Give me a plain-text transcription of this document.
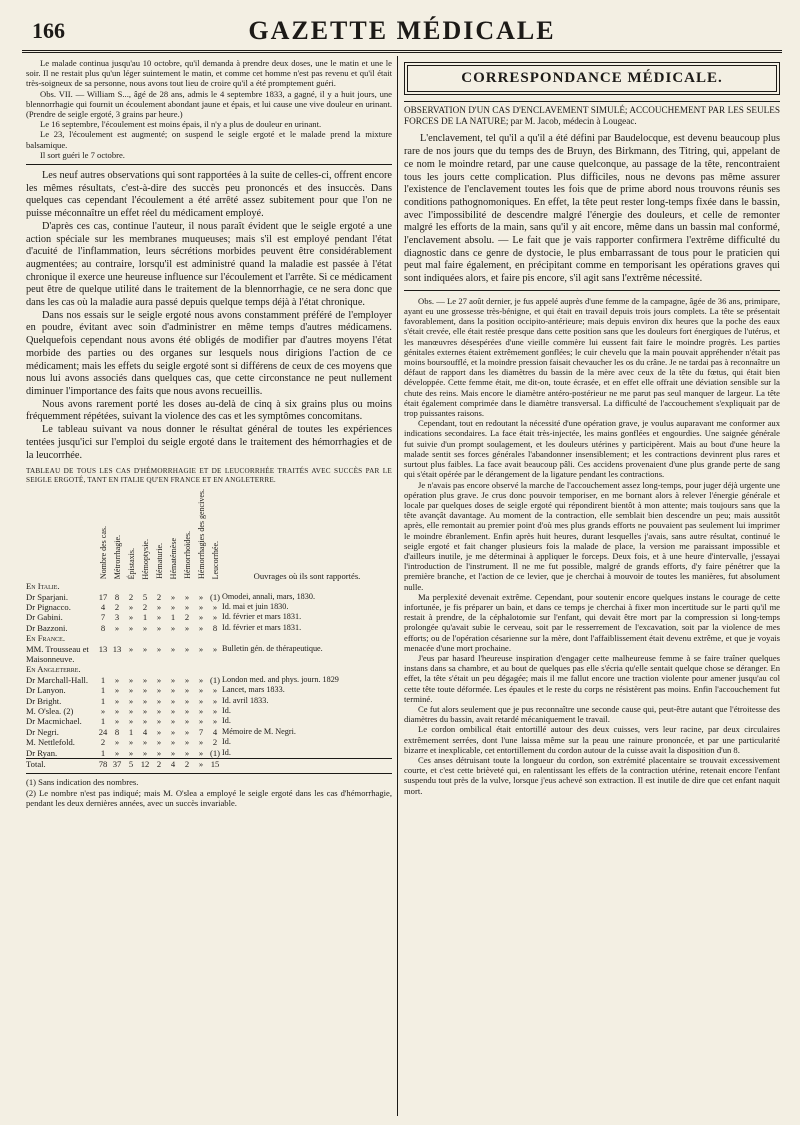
166	GAZETTE MÉDICALE

Le malade continua jusqu'au 10 octobre, qu'il demanda à prendre deux doses, une le matin et une le soir. Il ne restait plus qu'un léger suintement le matin, et comme cet homme n'est pas revenu et qu'il était très-soigneux de sa personne, nous avons tout lieu de croire qu'il a été promptement guéri.

Obs. VII. — William S..., âgé de 28 ans, admis le 4 septembre 1833, a gagné, il y a huit jours, une blennorrhagie qui fournit un écoulement abondant jaune et épais, et lui cause une vive douleur en urinant. (Prendre de seigle ergoté, 3 grains par heure.)

Le 16 septembre, l'écoulement est moins épais, il n'y a plus de douleur en urinant.

Le 23, l'écoulement est augmenté; on suspend le seigle ergoté et le malade prend la mixture balsamique.

Il sort guéri le 7 octobre.

Les neuf autres observations qui sont rapportées à la suite de celles-ci, offrent encore les mêmes résultats, c'est-à-dire des succès peu prononcés et des insuccès. Dans quelques cas cependant l'écoulement a été arrêté assez subitement pour que l'on ne puisse méconnaître un effet réel du médicament employé.

D'après ces cas, continue l'auteur, il nous paraît évident que le seigle ergoté a une action spéciale sur les membranes muqueuses; mais s'il est employé pendant l'état d'acuité de l'inflammation, leurs sécrétions morbides peuvent être considérablement augmentées; au contraire, lorsqu'il est administré quand la maladie est passée à l'état chronique il exerce une heureuse influence sur l'écoulement et l'arrête. Si ce médicament peut être de quelque utilité dans le traitement de la blennorrhagie, ce ne sera donc que dans les cas où la maladie aura passé depuis quelque temps déjà à l'état chronique.

Dans nos essais sur le seigle ergoté nous avons constamment préféré de l'employer en poudre, évitant avec soin d'administrer en même temps d'autres médicamens. Quelquefois cependant nous avons été obligés de modifier par d'autres moyens l'état morbide des parties ou des organes sur lesquels nous dirigions l'action de ce médicament; mais les effets du seigle ergoté sont si différens de ceux de ces moyens que nous lui avons associés dans quelques cas, que cette circonstance ne peut nullement diminuer l'importance des faits que nous avons recueillis.

Nous avons rarement porté les doses au-delà de cinq à six grains plus ou moins fréquemment répétées, suivant la violence des cas et les symptômes concomitans.

Le tableau suivant va nous donner le résultat général de toutes les expériences tentées jusqu'ici sur l'emploi du seigle ergoté dans le traitement des hémorrhagies et de la leucorrhée.

TABLEAU DE TOUS LES CAS D'HÉMORRHAGIE ET DE LEUCORRHÉE TRAITÉS AVEC SUCCÈS PAR LE SEIGLE ERGOTÉ, TANT EN ITALIE QU'EN FRANCE ET EN ANGLETERRE.
	Nombre des cas.	Métrorrhagie.	Épistaxis.	Hémoptysie.	Hématurie.	Hématémèse	Hémorrhoïdes.	Hémorrhagies des gencives.	Leucorrhée.	Ouvrages où ils sont rapportés.
En Italie.										
Dr Sparjani.	17	8	2	5	2	»	»	»	(1)	Omodei, annali, mars, 1830.
Dr Pignacco.	4	2	»	2	»	»	»	»	»	Id. mai et juin 1830.
Dr Gabini.	7	3	»	1	»	1	2	»	»	Id. février et mars 1831.
Dr Bazzoni.	8	»	»	»	»	»	»	»	8	Id. février et mars 1831.
En France.										
MM. Trousseau et Maisonneuve.	13	13	»	»	»	»	»	»	»	Bulletin gén. de thérapeutique.
En Angleterre.										
Dr Marchall-Hall.	1	»	»	»	»	»	»	»	(1)	London med. and phys. journ. 1829
Dr Lanyon.	1	»	»	»	»	»	»	»	»	Lancet, mars 1833.
Dr Bright.	1	»	»	»	»	»	»	»	»	Id. avril 1833.
M. O'slea. (2)	»	»	»	»	»	»	»	»	»	Id.
Dr Macmichael.	1	»	»	»	»	»	»	»	»	Id.
Dr Negri.	24	8	1	4	»	»	»	7	4	Mémoire de M. Negri.
M. Nettlefold.	2	»	»	»	»	»	»	»	2	Id.
Dr Ryan.	1	»	»	»	»	»	»	»	(1)	Id.
Total.	78	37	5	12	2	4	2	»	15	

(1) Sans indication des nombres.

(2) Le nombre n'est pas indiqué; mais M. O'slea a employé le seigle ergoté dans les cas d'hémorrhagie, pendant les deux dernières années, avec un succès invariable.

CORRESPONDANCE MÉDICALE.
OBSERVATION D'UN CAS D'ENCLAVEMENT SIMULÉ; ACCOUCHEMENT PAR LES SEULES FORCES DE LA NATURE; par M. Jacob, médecin à Lougeac.

L'enclavement, tel qu'il a qu'il a été défini par Baudelocque, est devenu beaucoup plus rare de nos jours que du temps des de Bruyn, des Birkmann, des Titring, qui, appelant de ce nom le moindre retard, par une cause quelconque, au passage de la tête, rencontraient tous les jours cette complication. Plus difficiles, nous ne devons pas même assurer l'existence de l'enclavement toutes les fois que de prime abord nous trouvons réunis ses conditions pathognomoniques. En effet, la tête peut rester long-temps fixée dans le bassin, avec l'impossibilité de descendre malgré l'énergie des douleurs, et celle de remonter malgré les efforts de la main, sans qu'il y ait encore, même dans un bassin mal conformé, l'enclavement absolu. — Le fait que je vais rapporter confirmera l'extrême difficulté du diagnostic dans ce genre de dystocie, le plus embarrassant de tous pour le praticien qui peut mal faire également, en précipitant comme en temporisant les opérations graves qui sont indiquées alors, et faire pis encore, s'il agit sans l'extrême nécessité.

Obs. — Le 27 août dernier, je fus appelé auprès d'une femme de la campagne, âgée de 36 ans, primipare, ayant eu une grossesse très-bénigne, et qui était en travail depuis trois jours complets. La tête se présentait favorablement, dans la position occipito-antérieure; mais depuis environ dix heures que la poche des eaux s'était crevée, elle était restée presque dans cette position sans que les douleurs fort énergiques de l'utérus, et les manœuvres désespérées d'une vieille commère lui eussent fait faire le moindre progrès. Les parties génitales externes étaient extrêmement gonflées; le cuir chevelu que la main pouvait appréhender n'était pas moins boursoufflé, et la moindre pression faisait chevaucher les os du crâne. Je ne tardai pas à reconnaître un défaut de rapport dans les diamètres du bassin de la mère avec ceux de la tête du fœtus, qui était bien développée. Cette femme était, me dit-on, toute écrasée, et en effet elle offrait une déviation sensible sur la chute des reins. Mais encore le diamètre antéro-postérieur ne me parut pas seul manquer de largeur. La tête était également comprimée dans le diamètre transversal. La difficulté de l'accouchement s'expliquait par de trop puissantes raisons.

Cependant, tout en redoutant la nécessité d'une opération grave, je voulus auparavant me conformer aux indications secondaires. La face était très-injectée, les mains gonflées et engourdies. Une saignée générale fut suivie d'un prompt soulagement, et les douleurs utérines y participèrent. Mais au bout d'une heure la malade sentit ses forces générales l'abandonner insensiblement; et les contractions devinrent plus rares et surtout plus faibles. La face avait beaucoup pâli. Ces accidens provenaient d'une plus grande perte de sang qui s'était opérée par le dérangement de la ligature pendant les contractions.

Je n'avais pas encore observé la marche de l'accouchement assez long-temps, pour juger déjà urgente une opération plus grave. Je crus donc pouvoir temporiser, en me bornant alors à relever l'énergie générale et locale par quelques doses de seigle ergoté qui répondirent bientôt à mon attente; mais toujours sans que la tête avançât davantage. Au moment de la contraction, elle semblait bien descendre un peu; mais aussitôt après, elle remontait au premier point d'où mes plus grands efforts ne pouvaient pas seulement lui imprimer le moindre ébranlement. Enfin après huit heures, durant lesquelles j'avais, sans autre résultat, continué le seigle ergoté et fait changer plusieurs fois la malade de place, la version me paraissant impossible et d'ailleurs inutile, je me déterminai à appliquer le forceps. Deux fois, et à une heure d'intervalle, j'essayai l'introduction de l'instrument. Il ne me fut possible, malgré de grands efforts, d'y faire pénétrer que la première branche, et l'action de ce levier, que je cherchai à mouvoir de toutes les manières, fut absolument nulle.

Ma perplexité devenait extrême. Cependant, pour soutenir encore quelques instans le courage de cette infortunée, je fis préparer un bain, et dans ce temps je cherchai à fixer mon incertitude sur le parti qu'il me restait à prendre, de la céphalotomie sur l'enfant, qui devait être mort par la compression si long-temps prolongée qu'avait subie le cerveau, soit par le resserrement de l'excavation, soit par la violence de mes efforts; ou de l'opération césarienne sur la mère, dont l'affaiblissement était devenu extrême, et que je voyais menacée d'une mort prochaine.

J'eus par hasard l'heureuse inspiration d'engager cette malheureuse femme à se faire traîner quelques instans dans sa chambre, et au bout de quelques pas elle s'écria qu'elle sentait quelque chose se déranger. En effet, la tête s'était un peu dégagée; mais il me fallut encore une traction violente pour amener jusqu'au col cette tête toute déformée. Les épaules et le reste du corps ne résistèrent pas moins. Enfin l'accouchement fut terminé.

Ce fut alors seulement que je pus reconnaître une seconde cause qui, peut-être autant que l'étroitesse des diamètres du bassin, avait retardé mécaniquement le travail.

Le cordon ombilical était entortillé autour des deux cuisses, vers leur racine, par deux circulaires extrêmement serrées, dont l'une laissa même sur la peau une rainure prononcée, et par une particularité bizarre et inexplicable, cet entortillement du cordon autour de la cuisse avait la disposition d'un 8.

Ces anses détruisant toute la longueur du cordon, son extrémité placentaire se trouvait excessivement courte, et c'est cette brièveté qui, en ralentissant les effets de la contraction utérine, retenait encore l'enfant suspendu tout près de la vulve, lorsque j'eus achevé son extraction. Il est inutile de dire que cet enfant naquit mort.
